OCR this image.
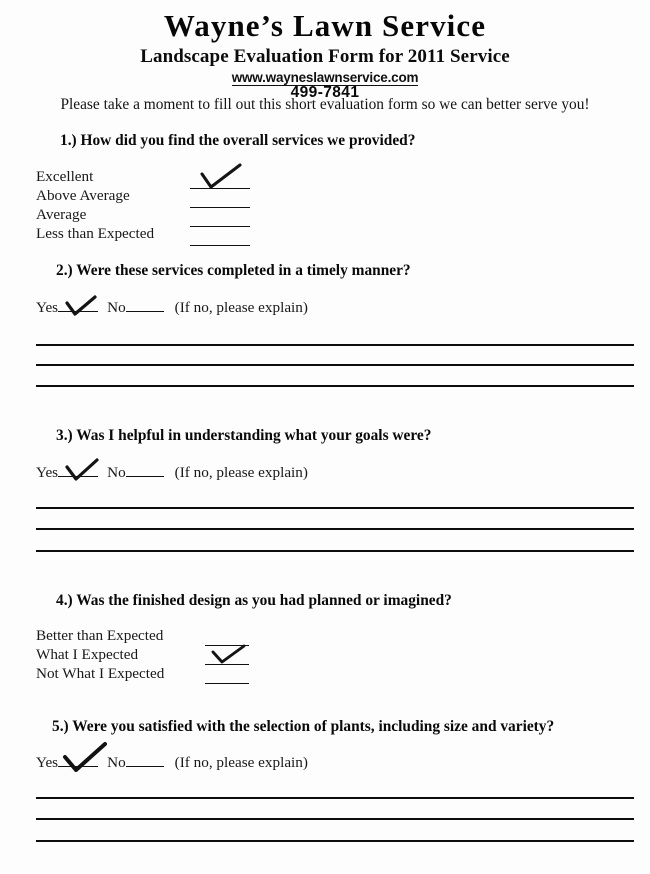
Wayne’s Lawn Service
Landscape Evaluation Form for 2011 Service
www.wayneslawnservice.com
499-7841
Please take a moment to fill out this short evaluation form so we can better serve you!
1.) How did you find the overall services we provided?
Excellent
Above Average
Average
Less than Expected
2.) Were these services completed in a timely manner?
Yes	No	(If no, please explain)
3.) Was I helpful in understanding what your goals were?
Yes	No	(If no, please explain)
4.) Was the finished design as you had planned or imagined?
Better than Expected
What I Expected
Not What I Expected
5.) Were you satisfied with the selection of plants, including size and variety?
Yes	No	(If no, please explain)
